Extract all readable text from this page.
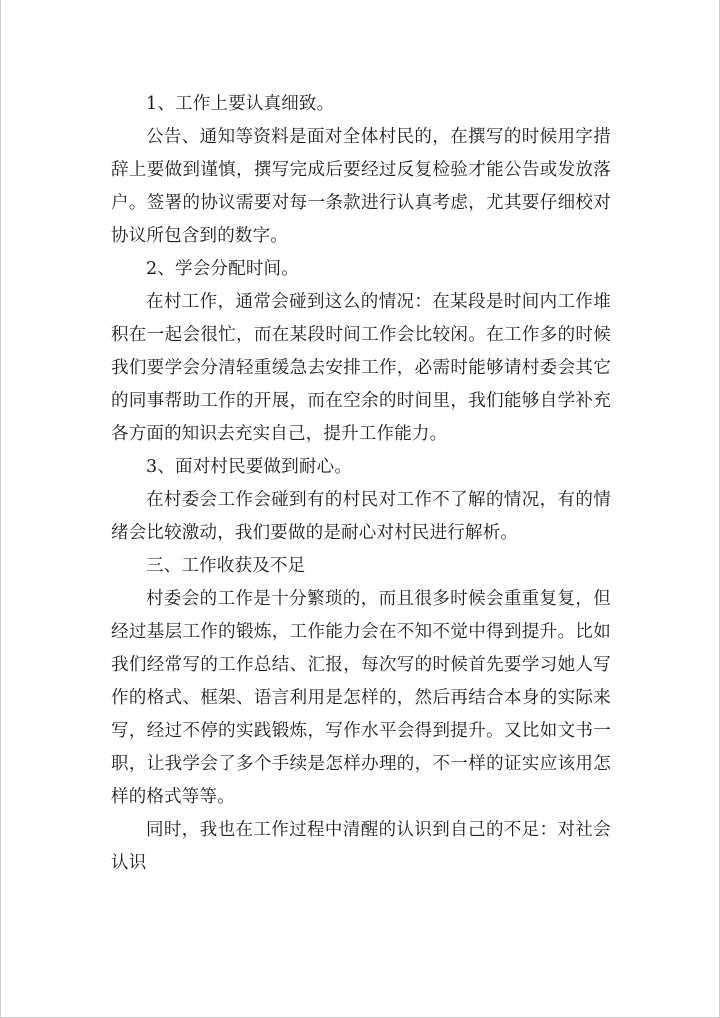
1、工作上要认真细致。

公告、通知等资料是面对全体村民的，在撰写的时候用字措辞上要做到谨慎，撰写完成后要经过反复检验才能公告或发放落户。签署的协议需要对每一条款进行认真考虑，尤其要仔细校对协议所包含到的数字。

2、学会分配时间。

在村工作，通常会碰到这么的情况：在某段是时间内工作堆积在一起会很忙，而在某段时间工作会比较闲。在工作多的时候我们要学会分清轻重缓急去安排工作，必需时能够请村委会其它的同事帮助工作的开展，而在空余的时间里，我们能够自学补充各方面的知识去充实自己，提升工作能力。

3、面对村民要做到耐心。

在村委会工作会碰到有的村民对工作不了解的情况，有的情绪会比较激动，我们要做的是耐心对村民进行解析。

三、工作收获及不足

村委会的工作是十分繁琐的，而且很多时候会重重复复，但经过基层工作的锻炼，工作能力会在不知不觉中得到提升。比如我们经常写的工作总结、汇报，每次写的时候首先要学习她人写作的格式、框架、语言利用是怎样的，然后再结合本身的实际来写，经过不停的实践锻炼，写作水平会得到提升。又比如文书一职，让我学会了多个手续是怎样办理的，不一样的证实应该用怎样的格式等等。

同时，我也在工作过程中清醒的认识到自己的不足：对社会认识
